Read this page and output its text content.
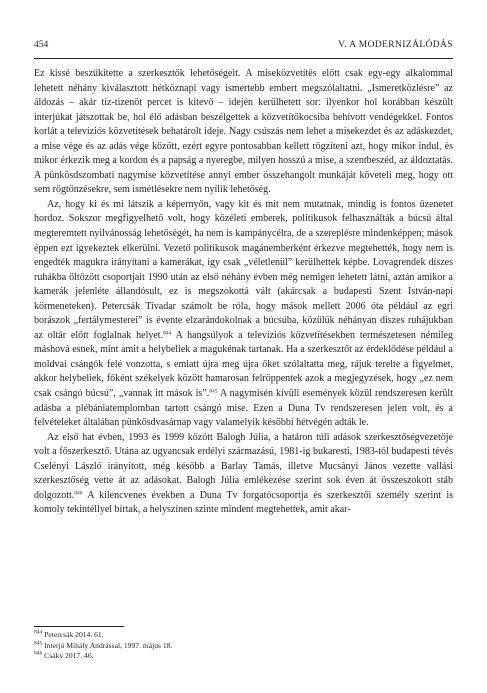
454	V. A MODERNIZÁLÓDÁS

Ez kissé beszűkítette a szerkesztők lehetőségeit. A miseközvetítés előtt csak egy-egy alkalommal lehetett néhány kiválasztott hétköznapi vagy ismertebb embert megszólaltatni. „Ismeretközlésre” az áldozás – akár tíz-tizenöt percet is kitevő – idején kerülhetett sor: ilyenkor hol korábban készült interjúkat játszottak be, hol élő adásban beszélgettek a közvetítőkocsiba behívott vendégekkel. Fontos korlát a televíziós közvetítések behatárolt ideje. Nagy csúszás nem lehet a misekezdet és az adáskezdet, a mise vége és az adás vége között, ezért egyre pontosabban kellett rögzíteni azt, hogy mikor indul, és mikor érkezik meg a kordon és a papság a nyeregbe, milyen hosszú a mise, a szentbeszéd, az áldoztatás. A pünkösdszombati nagymise közvetítése annyi ember összehangolt munkáját követeli meg, hogy ott sem rögtönzésekre, sem ismétlésekre nem nyílik lehetőség.

Az, hogy ki és mi látszik a képernyőn, vagy kit és mit nem mutatnak, mindig is fontos üzenetet hordoz. Sokszor megfigyelhető volt, hogy közéleti emberek, politikusok felhasználták a búcsú által megteremtett nyilvánosság lehetőségét, ha nem is kampánycélra, de a szereplésre mindenképpen; mások éppen ezt igyekeztek elkerülni. Vezető politikusok magánemberként érkezve megtehették, hogy nem is engedték magukra irányítani a kamerákat, így csak „véletlenül” kerülhettek képbe. Lovagrendek díszes ruhákba öltözött csoportjait 1990 után az első néhány évben még nemigen lehetett látni, aztán amikor a kamerák jelenléte állandósult, ez is megszokottá vált (akárcsak a budapesti Szent István-napi körmeneteken). Petercsák Tivadar számolt be róla, hogy mások mellett 2006 óta például az egri borászok „fertálymesterei” is évente elzarándokolnak a búcsúba, közülük néhányan díszes ruhájukban az oltár előtt foglalnak helyet.$^{844}$ A hangsúlyok a televíziós közvetítésekben természetesen némileg máshová esnek, mint amit a helybeliek a magukénak tartanak. Ha a szerkesztőt az érdeklődése például a moldvai csángók felé vonzotta, s emiatt újra meg újra őket szólaltatta meg, rájuk terelte a figyelmet, akkor helybeliek, főként székelyek között hamarosan felröppentek azok a megjegyzések, hogy „ez nem csak csángó búcsú”, „vannak itt mások is”.$^{845}$ A nagymisén kívüli események közül rendszeresen került adásba a plébániatemplomban tartott csángó mise. Ezen a Duna Tv rendszeresen jelen volt, és a felvételeket általában pünkösdvasárnap vagy valamelyik későbbi hétvégén adták le.

Az első hat évben, 1993 és 1999 között Balogh Júlia, a határon túli adások szerkesztőségvezetője volt a főszerkesztő. Utána az ugyancsak erdélyi származású, 1981-ig bukaresti, 1983-tól budapesti tévés Cselényi László irányított, még később a Barlay Tamás, illetve Mucsányi János vezette vallási szerkesztőség vette át az adásokat. Balogh Júlia emlékezése szerint sok éven át összeszokott stáb dolgozott.$^{846}$ A kilencvenes években a Duna Tv forgatócsoportja és szerkesztői személy szerint is komoly tekintéllyel bírtak, a helyszínen szinte mindent megtehettek, amit akar-

$^{844}$ Petercsák 2014. 61.

$^{845}$ Interjú Mihály Andrással, 1997. május 18.

$^{846}$ Csáky 2017. 46.
